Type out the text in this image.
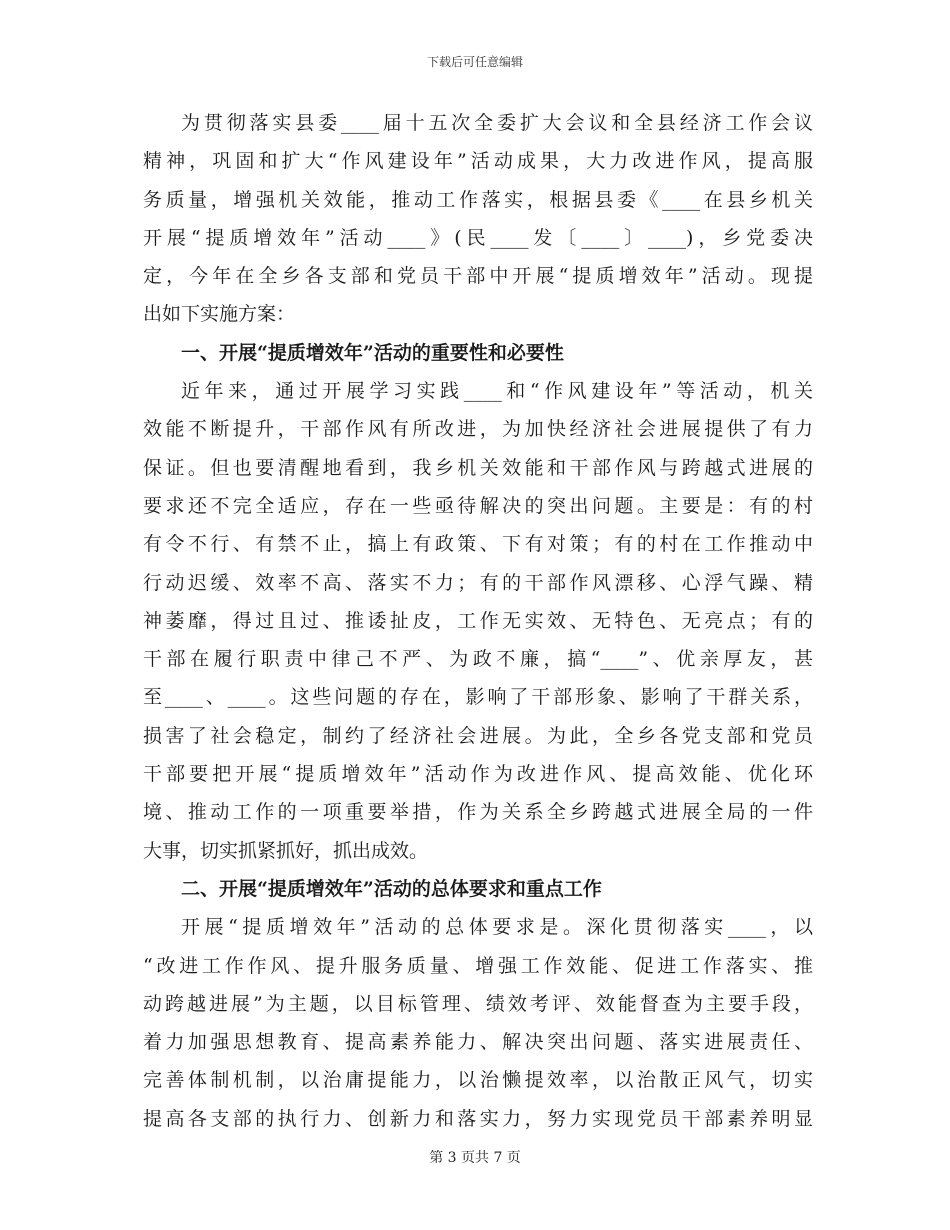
下载后可任意编辑
为贯彻落实县委____届十五次全委扩大会议和全县经济工作会议
精神，巩固和扩大“作风建设年”活动成果，大力改进作风，提高服
务质量，增强机关效能，推动工作落实，根据县委《____在县乡机关
开展“提质增效年”活动____》(民____发〔____〕____)，乡党委决
定，今年在全乡各支部和党员干部中开展“提质增效年”活动。现提
出如下实施方案：
一、开展“提质增效年”活动的重要性和必要性
近年来，通过开展学习实践____和“作风建设年”等活动，机关
效能不断提升，干部作风有所改进，为加快经济社会进展提供了有力
保证。但也要清醒地看到，我乡机关效能和干部作风与跨越式进展的
要求还不完全适应，存在一些亟待解决的突出问题。主要是：有的村
有令不行、有禁不止，搞上有政策、下有对策；有的村在工作推动中
行动迟缓、效率不高、落实不力；有的干部作风漂移、心浮气躁、精
神萎靡，得过且过、推诿扯皮，工作无实效、无特色、无亮点；有的
干部在履行职责中律己不严、为政不廉，搞“____”、优亲厚友，甚
至____、____。这些问题的存在，影响了干部形象、影响了干群关系，
损害了社会稳定，制约了经济社会进展。为此，全乡各党支部和党员
干部要把开展“提质增效年”活动作为改进作风、提高效能、优化环
境、推动工作的一项重要举措，作为关系全乡跨越式进展全局的一件
大事，切实抓紧抓好，抓出成效。
二、开展“提质增效年”活动的总体要求和重点工作
开展“提质增效年”活动的总体要求是。深化贯彻落实____，以
“改进工作作风、提升服务质量、增强工作效能、促进工作落实、推
动跨越进展”为主题，以目标管理、绩效考评、效能督查为主要手段，
着力加强思想教育、提高素养能力、解决突出问题、落实进展责任、
完善体制机制，以治庸提能力，以治懒提效率，以治散正风气，切实
提高各支部的执行力、创新力和落实力，努力实现党员干部素养明显
第 3 页共 7 页
